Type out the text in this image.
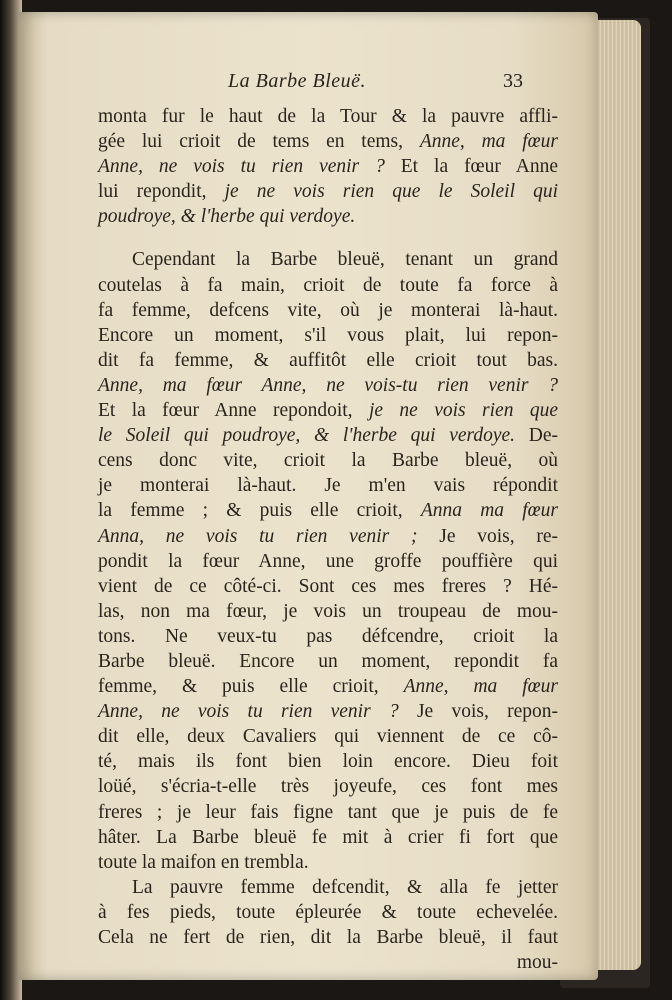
La Barbe Bleuë.	33
monta fur le haut de la Tour & la pauvre affli-
gée lui crioit de tems en tems, Anne, ma fœur
Anne, ne vois tu rien venir ? Et la fœur Anne
lui repondit, je ne vois rien que le Soleil qui
poudroye, & l'herbe qui verdoye.
Cependant la Barbe bleuë, tenant un grand
coutelas à fa main, crioit de toute fa force à
fa femme, defcens vite, où je monterai là-haut.
Encore un moment, s'il vous plait, lui repon-
dit fa femme, & auffitôt elle crioit tout bas.
Anne, ma fœur Anne, ne vois-tu rien venir ?
Et la fœur Anne repondoit, je ne vois rien que
le Soleil qui poudroye, & l'herbe qui verdoye. De-
cens donc vite, crioit la Barbe bleuë, où
je monterai là-haut. Je m'en vais répondit
la femme ; & puis elle crioit, Anna ma fœur
Anna, ne vois tu rien venir ; Je vois, re-
pondit la fœur Anne, une groffe pouffière qui
vient de ce côté-ci. Sont ces mes freres ? Hé-
las, non ma fœur, je vois un troupeau de mou-
tons. Ne veux-tu pas défcendre, crioit la
Barbe bleuë. Encore un moment, repondit fa
femme, & puis elle crioit, Anne, ma fœur
Anne, ne vois tu rien venir ? Je vois, repon-
dit elle, deux Cavaliers qui viennent de ce cô-
té, mais ils font bien loin encore. Dieu foit
loüé, s'écria-t-elle très joyeufe, ces font mes
freres ; je leur fais figne tant que je puis de fe
hâter. La Barbe bleuë fe mit à crier fi fort que
toute la maifon en trembla.
La pauvre femme defcendit, & alla fe jetter
à fes pieds, toute épleurée & toute echevelée.
Cela ne fert de rien, dit la Barbe bleuë, il faut
mou-
